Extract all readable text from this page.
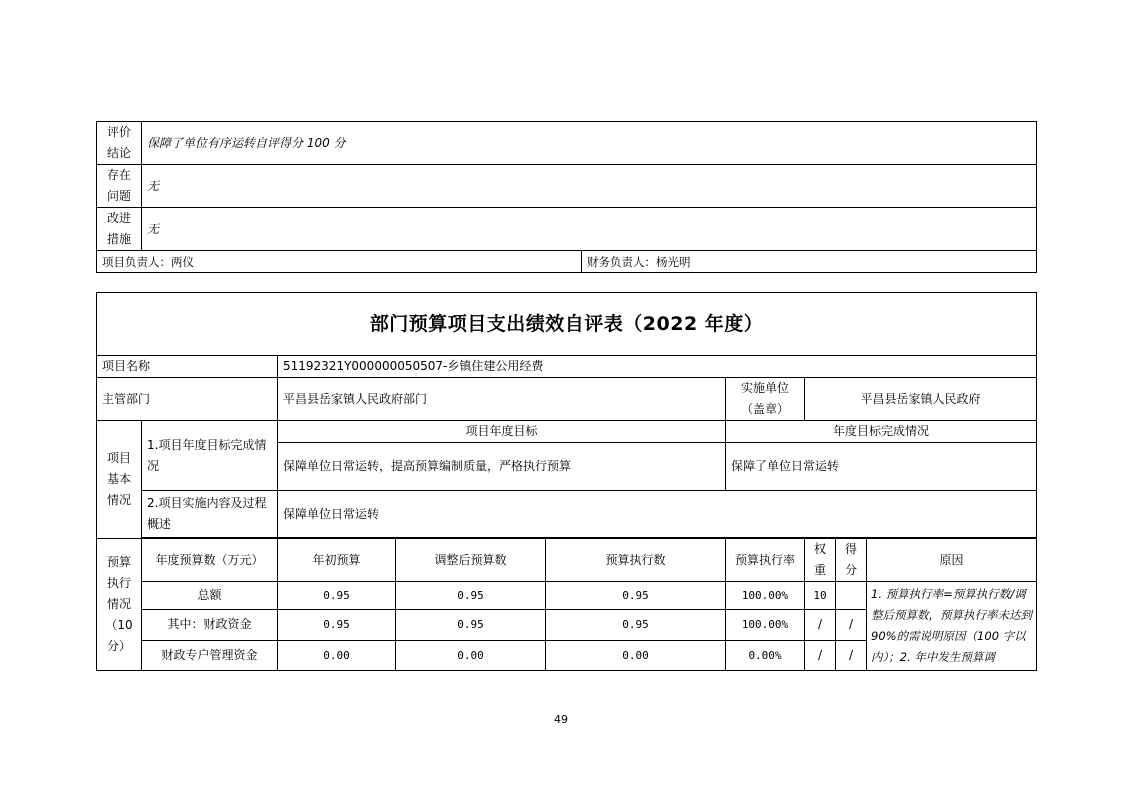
评价结论	保障了单位有序运转自评得分 100 分	
存在问题	无	
改进措施	无	
项目负责人：两仪		财务负责人：杨光明
部门预算项目支出绩效自评表（2022 年度）								
项目名称		51192321Y000000050507-乡镇住建公用经费						
主管部门		平昌县岳家镇人民政府部门			实施单位（盖章）	平昌县岳家镇人民政府		
项目基本情况	1.项目年度目标完成情况	项目年度目标			年度目标完成情况			
		保障单位日常运转，提高预算编制质量，严格执行预算			保障了单位日常运转			
	2.项目实施内容及过程概述	保障单位日常运转						

预算执行情况（10分）	年度预算数（万元）	年初预算	调整后预算数	预算执行数	预算执行率	权重	得分	原因
	总额	0.95	0.95	0.95	100.00%	10		1. 预算执行率=预算执行数/调整后预算数，预算执行率未达到 90%的需说明原因（100 字以内）；2. 年中发生预算调
	其中：财政资金	0.95	0.95	0.95	100.00%	/	/	
	财政专户管理资金	0.00	0.00	0.00	0.00%	/	/	
49
